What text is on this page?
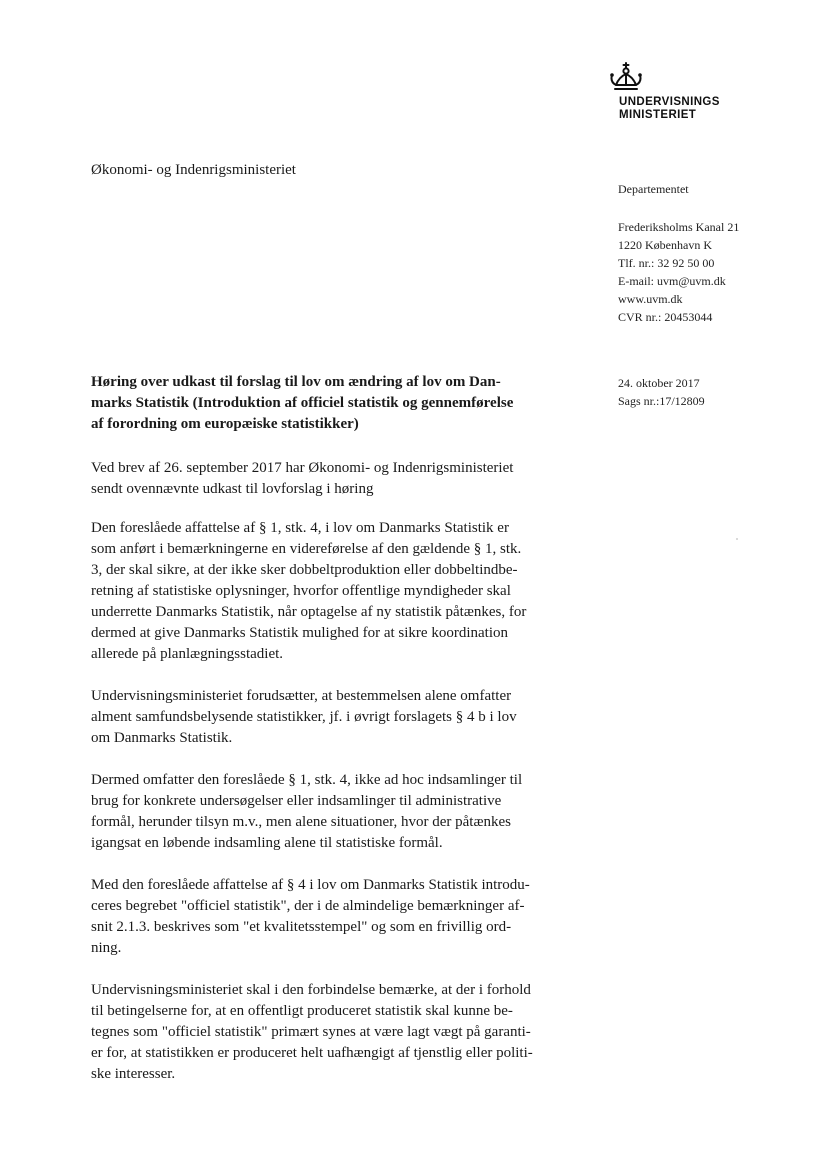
UNDERVISNINGS
MINISTERIET
Økonomi- og Indenrigsministeriet
Departementet
Frederiksholms Kanal 21
1220 København K
Tlf. nr.: 32 92 50 00
E-mail: uvm@uvm.dk
www.uvm.dk
CVR nr.: 20453044
24. oktober 2017
Sags nr.:17/12809
Høring over udkast til forslag til lov om ændring af lov om Dan-
marks Statistik (Introduktion af officiel statistik og gennemførelse
af forordning om europæiske statistikker)
Ved brev af 26. september 2017 har Økonomi- og Indenrigsministeriet
sendt ovennævnte udkast til lovforslag i høring
Den foreslåede affattelse af § 1, stk. 4, i lov om Danmarks Statistik er
som anført i bemærkningerne en videreførelse af den gældende § 1, stk.
3, der skal sikre, at der ikke sker dobbeltproduktion eller dobbeltindbe-
retning af statistiske oplysninger, hvorfor offentlige myndigheder skal
underrette Danmarks Statistik, når optagelse af ny statistik påtænkes, for
dermed at give Danmarks Statistik mulighed for at sikre koordination
allerede på planlægningsstadiet.
Undervisningsministeriet forudsætter, at bestemmelsen alene omfatter
alment samfundsbelysende statistikker, jf. i øvrigt forslagets § 4 b i lov
om Danmarks Statistik.
Dermed omfatter den foreslåede § 1, stk. 4, ikke ad hoc indsamlinger til
brug for konkrete undersøgelser eller indsamlinger til administrative
formål, herunder tilsyn m.v., men alene situationer, hvor der påtænkes
igangsat en løbende indsamling alene til statistiske formål.
Med den foreslåede affattelse af § 4 i lov om Danmarks Statistik introdu-
ceres begrebet "officiel statistik", der i de almindelige bemærkninger af-
snit 2.1.3. beskrives som "et kvalitetsstempel" og som en frivillig ord-
ning.
Undervisningsministeriet skal i den forbindelse bemærke, at der i forhold
til betingelserne for, at en offentligt produceret statistik skal kunne be-
tegnes som "officiel statistik" primært synes at være lagt vægt på garanti-
er for, at statistikken er produceret helt uafhængigt af tjenstlig eller politi-
ske interesser.
